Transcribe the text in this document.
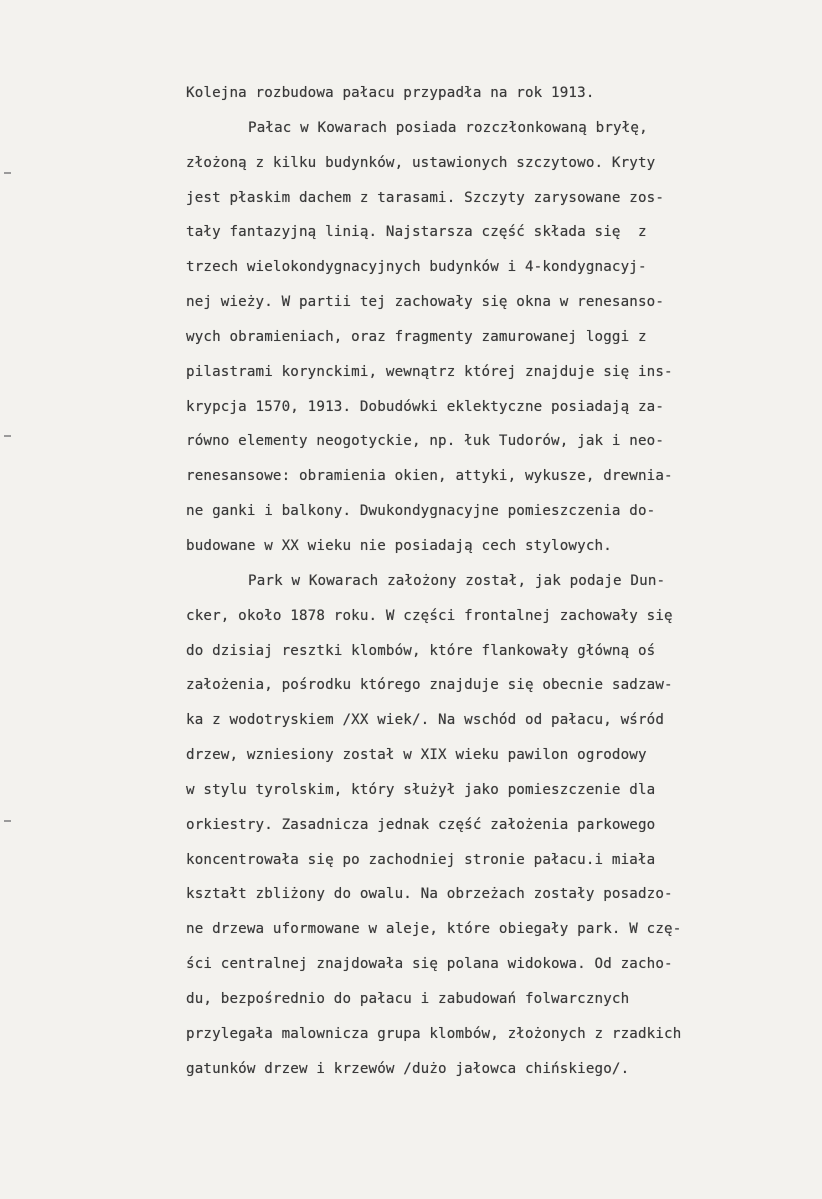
Kolejna rozbudowa pałacu przypadła na rok 1913.
Pałac w Kowarach posiada rozczłonkowaną bryłę,
złożoną z kilku budynków, ustawionych szczytowo. Kryty
jest płaskim dachem z tarasami. Szczyty zarysowane zos-
tały fantazyjną linią. Najstarsza część składa się  z
trzech wielokondygnacyjnych budynków i 4-kondygnacyj-
nej wieży. W partii tej zachowały się okna w renesanso-
wych obramieniach, oraz fragmenty zamurowanej loggi z
pilastrami korynckimi, wewnątrz której znajduje się ins-
krypcja 1570, 1913. Dobudówki eklektyczne posiadają za-
równo elementy neogotyckie, np. łuk Tudorów, jak i neo-
renesansowe: obramienia okien, attyki, wykusze, drewnia-
ne ganki i balkony. Dwukondygnacyjne pomieszczenia do-
budowane w XX wieku nie posiadają cech stylowych.
Park w Kowarach założony został, jak podaje Dun-
cker, około 1878 roku. W części frontalnej zachowały się
do dzisiaj resztki klombów, które flankowały główną oś
założenia, pośrodku którego znajduje się obecnie sadzaw-
ka z wodotryskiem /XX wiek/. Na wschód od pałacu, wśród
drzew, wzniesiony został w XIX wieku pawilon ogrodowy
w stylu tyrolskim, który służył jako pomieszczenie dla
orkiestry. Zasadnicza jednak część założenia parkowego
koncentrowała się po zachodniej stronie pałacu.i miała
kształt zbliżony do owalu. Na obrzeżach zostały posadzo-
ne drzewa uformowane w aleje, które obiegały park. W czę-
ści centralnej znajdowała się polana widokowa. Od zacho-
du, bezpośrednio do pałacu i zabudowań folwarcznych
przylegała malownicza grupa klombów, złożonych z rzadkich
gatunków drzew i krzewów /dużo jałowca chińskiego/.
